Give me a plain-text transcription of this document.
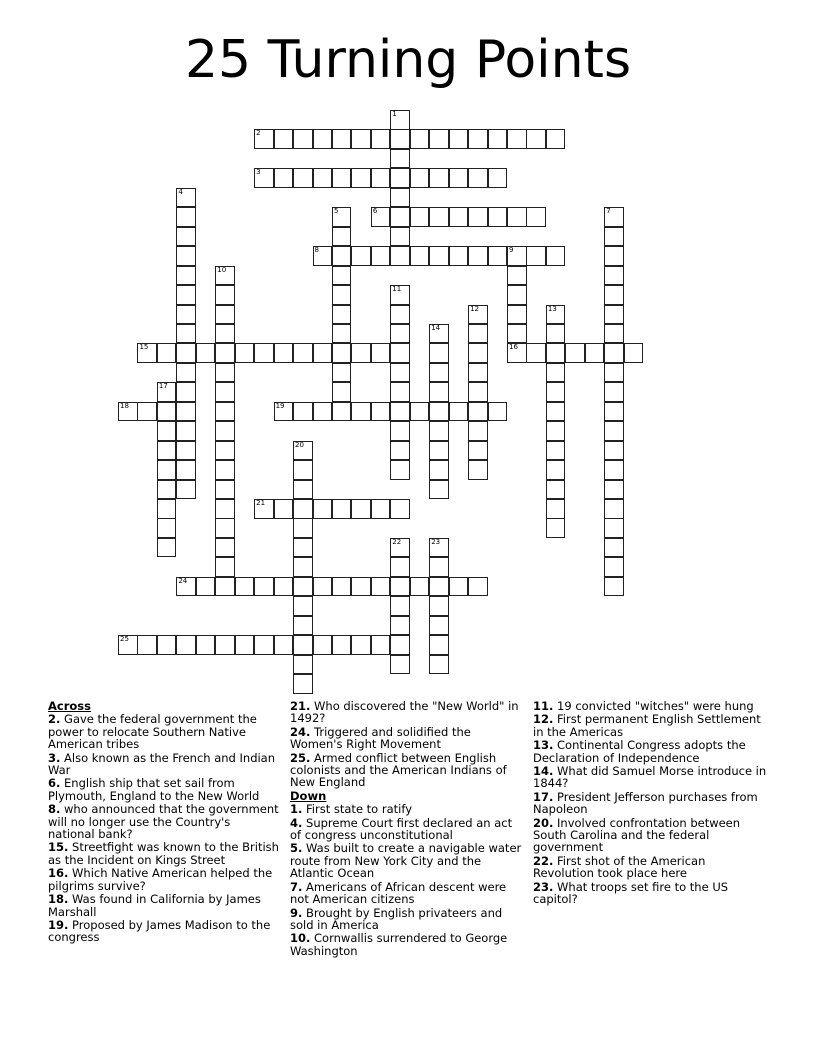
25 Turning Points
1
2
3
4
5	6	7
8	9
10
11
12	13
14
15	16
17
18	19
20
21
22	23
24
25
Across
2. Gave the federal government the power to relocate Southern Native American tribes
3. Also known as the French and Indian War
6. English ship that set sail from Plymouth, England to the New World
8. who announced that the government will no longer use the Country's national bank?
15. Streetfight was known to the British as the Incident on Kings Street
16. Which Native American helped the pilgrims survive?
18. Was found in California by James Marshall
19. Proposed by James Madison to the congress
21. Who discovered the "New World" in 1492?
24. Triggered and solidified the Women's Right Movement
25. Armed conflict between English colonists and the American Indians of New England
Down
1. First state to ratify
4. Supreme Court first declared an act of congress unconstitutional
5. Was built to create a navigable water route from New York City and the Atlantic Ocean
7. Americans of African descent were not American citizens
9. Brought by English privateers and sold in America
10. Cornwallis surrendered to George Washington
11. 19 convicted "witches" were hung
12. First permanent English Settlement in the Americas
13. Continental Congress adopts the Declaration of Independence
14. What did Samuel Morse introduce in 1844?
17. President Jefferson purchases from Napoleon
20. Involved confrontation between South Carolina and the federal government
22. First shot of the American Revolution took place here
23. What troops set fire to the US capitol?
